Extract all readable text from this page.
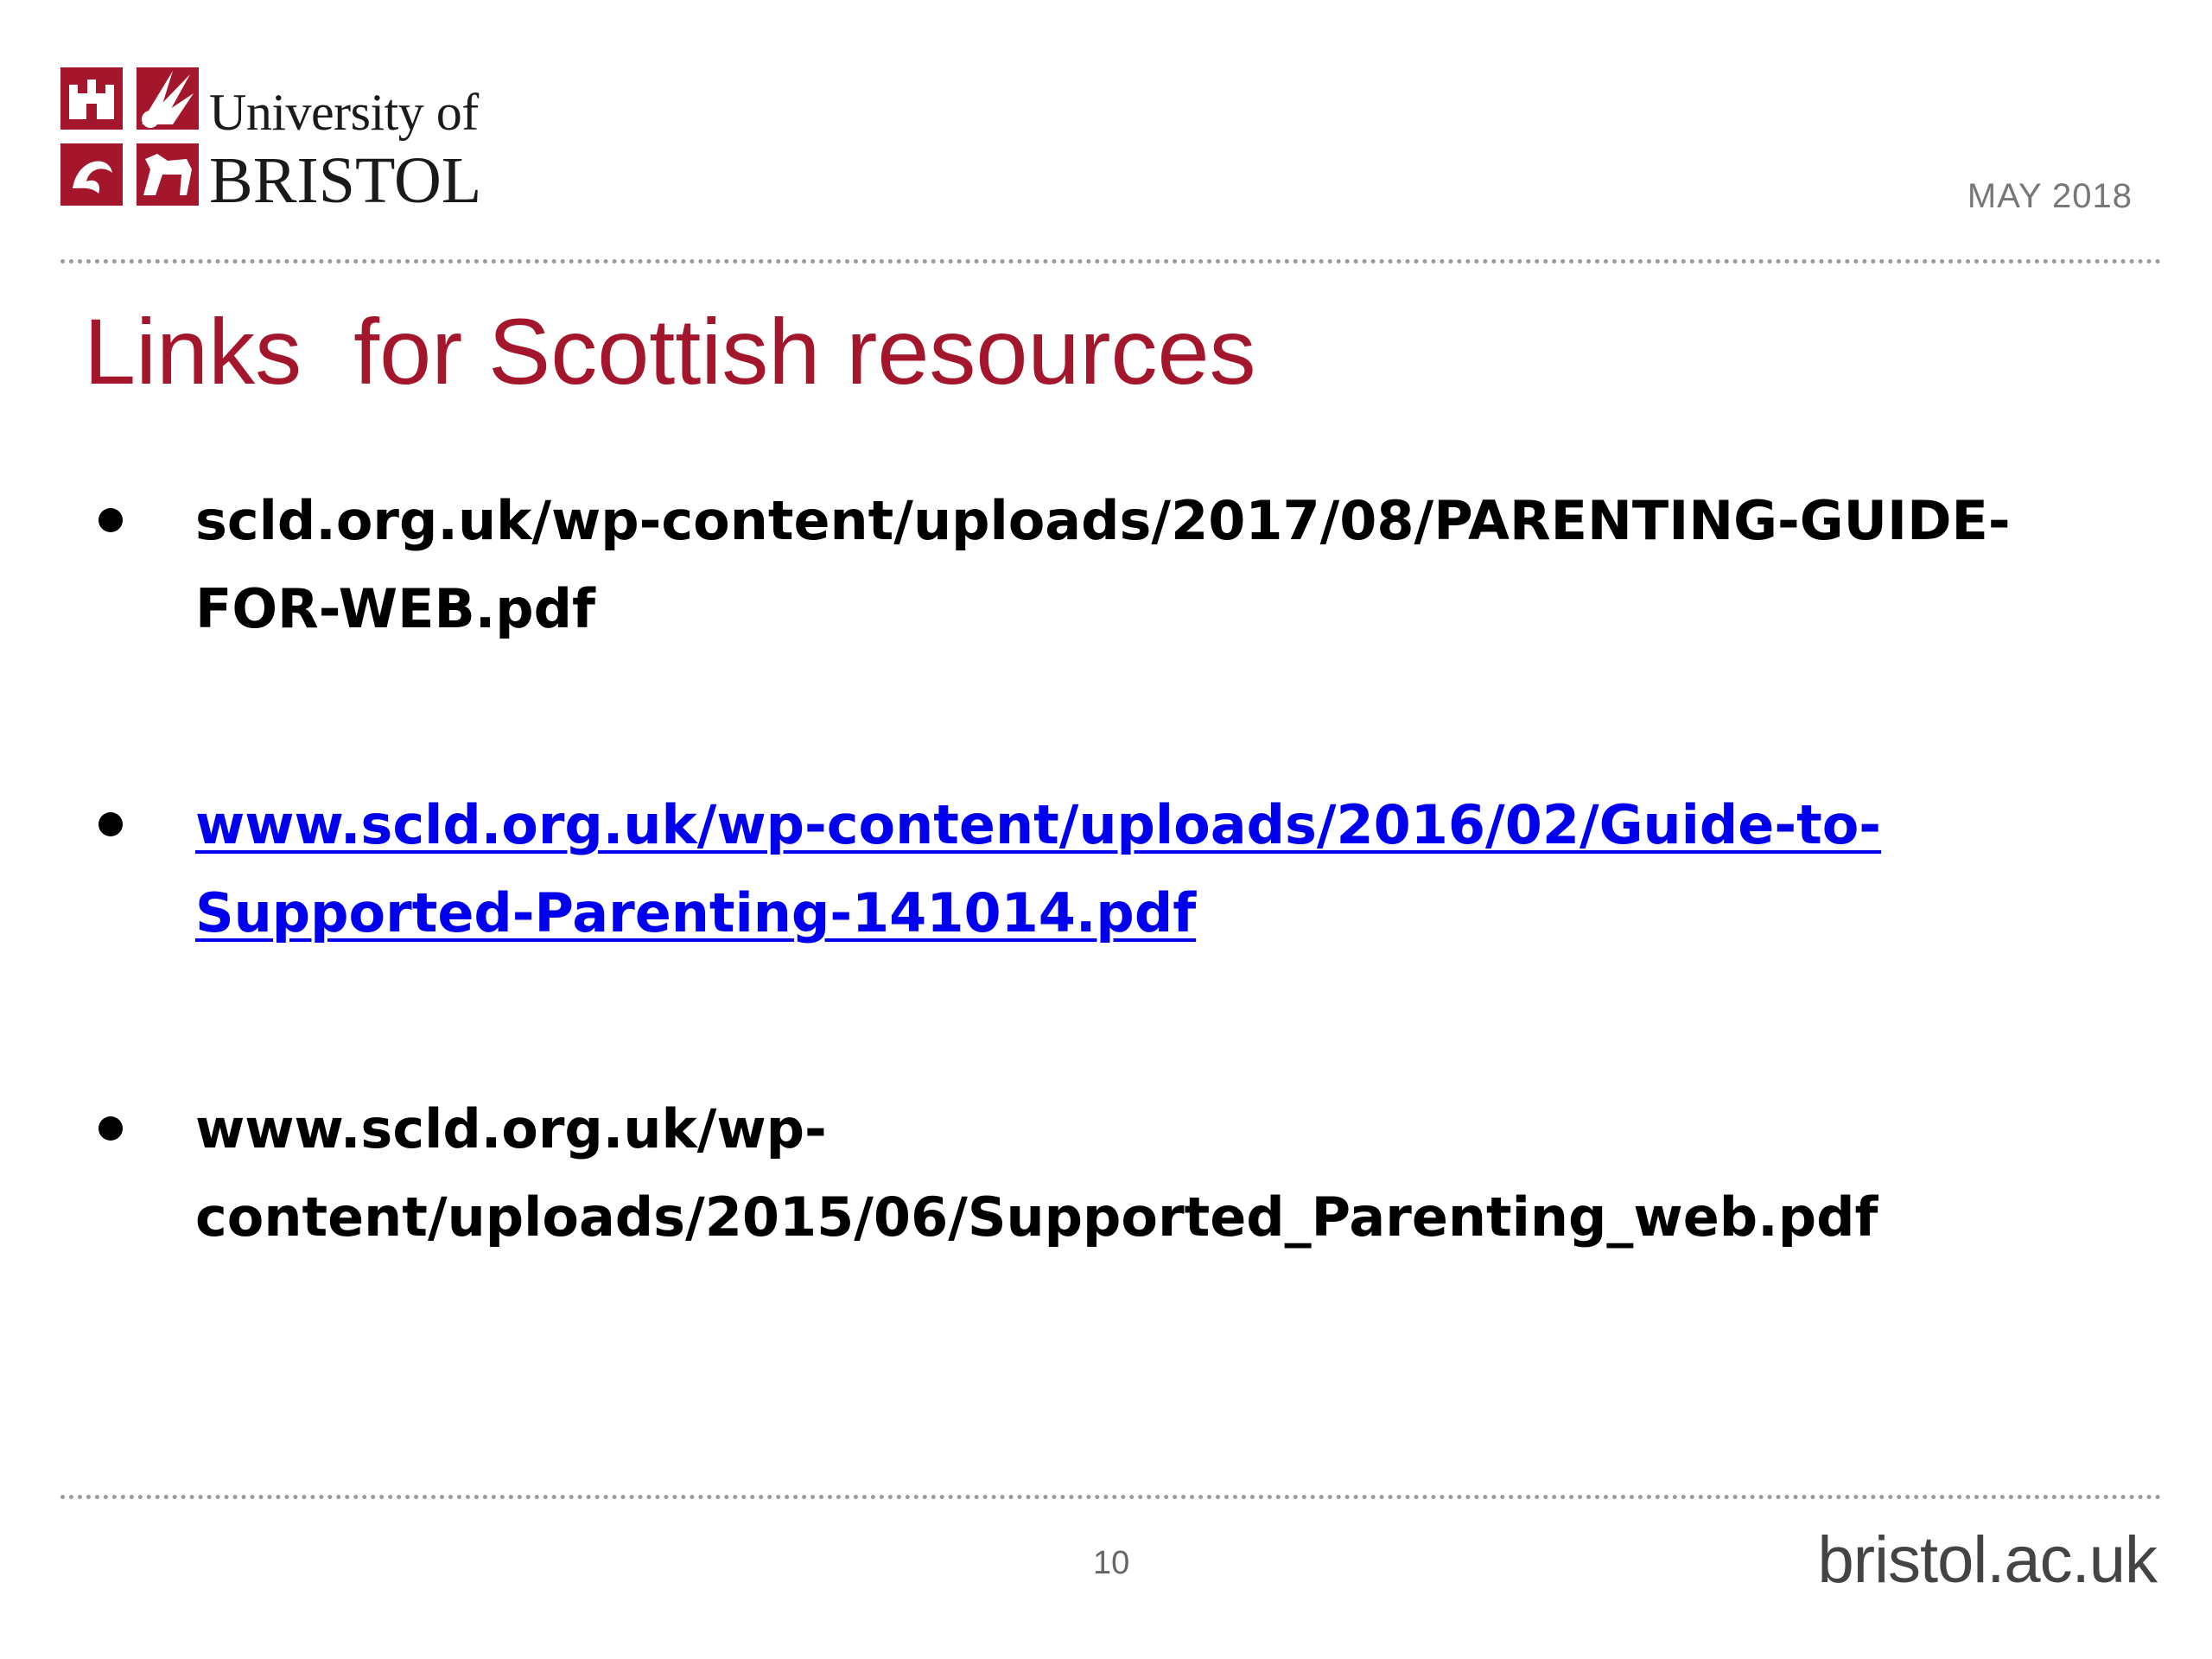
University of
BRISTOL	MAY 2018
Links  for Scottish resources
scld.org.uk/wp-content/uploads/2017/08/PARENTING-GUIDE-
FOR-WEB.pdf
www.scld.org.uk/wp-content/uploads/2016/02/Guide-to-
Supported-Parenting-141014.pdf
www.scld.org.uk/wp-
content/uploads/2015/06/Supported_Parenting_web.pdf
10	bristol.ac.uk
